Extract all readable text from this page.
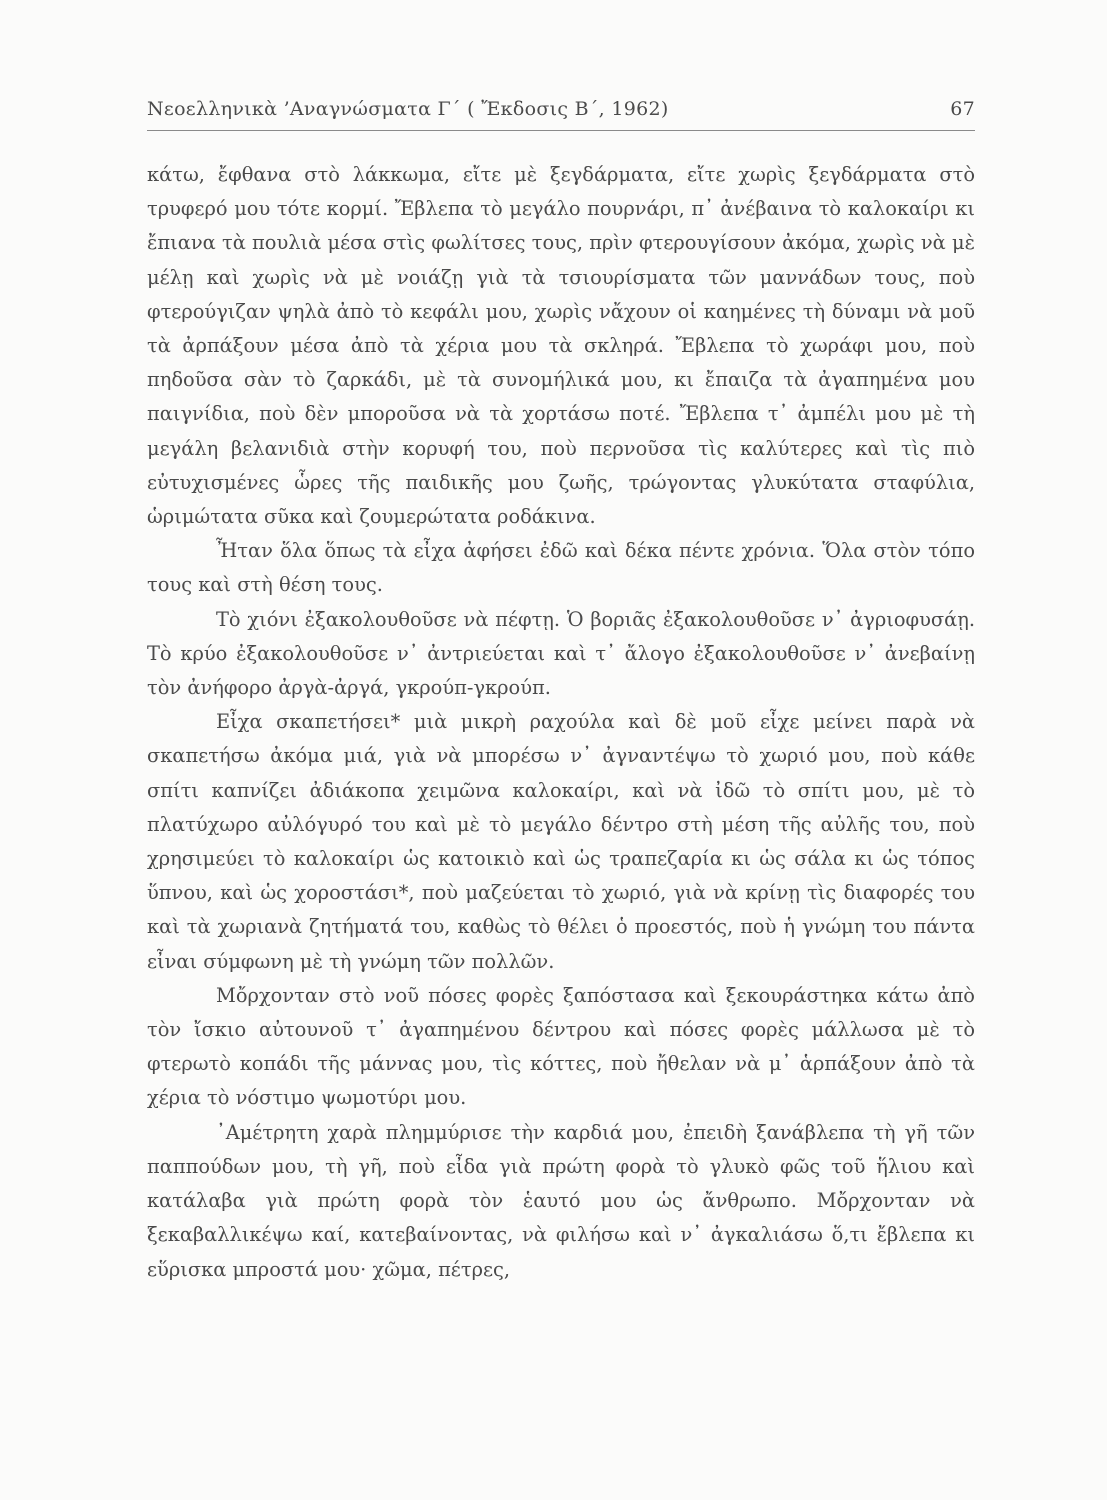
Νεοελληνικὰ ’Αναγνώσματα Γ΄ ( Ἔκδοσις Β΄, 1962)	67

κάτω, ἔφθανα στὸ λάκκωμα, εἴτε μὲ ξεγδάρματα, εἴτε χωρὶς ξεγδάρματα στὸ τρυφερό μου τότε κορμί. Ἔβλεπα τὸ μεγάλο πουρνάρι, π᾿ ἀνέβαινα τὸ καλοκαίρι κι ἔπιανα τὰ πουλιὰ μέσα στὶς φωλίτσες τους, πρὶν φτερουγίσουν ἀκόμα, χωρὶς νὰ μὲ μέλῃ καὶ χωρὶς νὰ μὲ νοιάζῃ γιὰ τὰ τσιουρίσματα τῶν μαννάδων τους, ποὺ φτερούγιζαν ψηλὰ ἀπὸ τὸ κεφάλι μου, χωρὶς νἄχουν οἱ καημένες τὴ δύναμι νὰ μοῦ τὰ ἀρπάξουν μέσα ἀπὸ τὰ χέρια μου τὰ σκληρά. Ἔβλεπα τὸ χωράφι μου, ποὺ πηδοῦσα σὰν τὸ ζαρκάδι, μὲ τὰ συνομήλικά μου, κι ἔπαιζα τὰ ἀγαπημένα μου παιγνίδια, ποὺ δὲν μποροῦσα νὰ τὰ χορτάσω ποτέ. Ἔβλεπα τ᾿ ἀμπέλι μου μὲ τὴ μεγάλη βελανιδιὰ στὴν κορυφή του, ποὺ περνοῦσα τὶς καλύτερες καὶ τὶς πιὸ εὐτυχισμένες ὧρες τῆς παιδικῆς μου ζωῆς, τρώγοντας γλυκύτατα σταφύλια, ὡριμώτατα σῦκα καὶ ζουμερώτατα ροδάκινα.

Ἦταν ὅλα ὅπως τὰ εἶχα ἀφήσει ἐδῶ καὶ δέκα πέντε χρόνια. Ὅλα στὸν τόπο τους καὶ στὴ θέση τους.

Τὸ χιόνι ἐξακολουθοῦσε νὰ πέφτῃ. Ὁ βοριᾶς ἐξακολουθοῦσε ν᾿ ἀγριοφυσάῃ. Τὸ κρύο ἐξακολουθοῦσε ν᾿ ἀντριεύεται καὶ τ᾿ ἄλογο ἐξακολουθοῦσε ν᾿ ἀνεβαίνῃ τὸν ἀνήφορο ἀργὰ-ἀργά, γκρούπ-γκρούπ.

Εἶχα σκαπετήσει* μιὰ μικρὴ ραχούλα καὶ δὲ μοῦ εἶχε μείνει παρὰ νὰ σκαπετήσω ἀκόμα μιά, γιὰ νὰ μπορέσω ν᾿ ἀγναντέψω τὸ χωριό μου, ποὺ κάθε σπίτι καπνίζει ἀδιάκοπα χειμῶνα καλοκαίρι, καὶ νὰ ἰδῶ τὸ σπίτι μου, μὲ τὸ πλατύχωρο αὐλόγυρό του καὶ μὲ τὸ μεγάλο δέντρο στὴ μέση τῆς αὐλῆς του, ποὺ χρησιμεύει τὸ καλοκαίρι ὡς κατοικιὸ καὶ ὡς τραπεζαρία κι ὡς σάλα κι ὡς τόπος ὕπνου, καὶ ὡς χοροστάσι*, ποὺ μαζεύεται τὸ χωριό, γιὰ νὰ κρίνῃ τὶς διαφορές του καὶ τὰ χωριανὰ ζητήματά του, καθὼς τὸ θέλει ὁ προεστός, ποὺ ἡ γνώμη του πάντα εἶναι σύμφωνη μὲ τὴ γνώμη τῶν πολλῶν.

Μὄρχονταν στὸ νοῦ πόσες φορὲς ξαπόστασα καὶ ξεκουράστηκα κάτω ἀπὸ τὸν ἴσκιο αὐτουνοῦ τ᾿ ἀγαπημένου δέντρου καὶ πόσες φορὲς μάλλωσα μὲ τὸ φτερωτὸ κοπάδι τῆς μάννας μου, τὶς κόττες, ποὺ ἤθελαν νὰ μ᾿ ἁρπάξουν ἀπὸ τὰ χέρια τὸ νόστιμο ψωμοτύρι μου.

᾿Αμέτρητη χαρὰ πλημμύρισε τὴν καρδιά μου, ἐπειδὴ ξανάβλεπα τὴ γῆ τῶν παππούδων μου, τὴ γῆ, ποὺ εἶδα γιὰ πρώτη φορὰ τὸ γλυκὸ φῶς τοῦ ἥλιου καὶ κατάλαβα γιὰ πρώτη φορὰ τὸν ἑαυτό μου ὡς ἄνθρωπο. Μὄρχονταν νὰ ξεκαβαλλικέψω καί, κατεβαίνοντας, νὰ φιλήσω καὶ ν᾿ ἀγκαλιάσω ὅ,τι ἔβλεπα κι εὕρισκα μπροστά μου· χῶμα, πέτρες,
